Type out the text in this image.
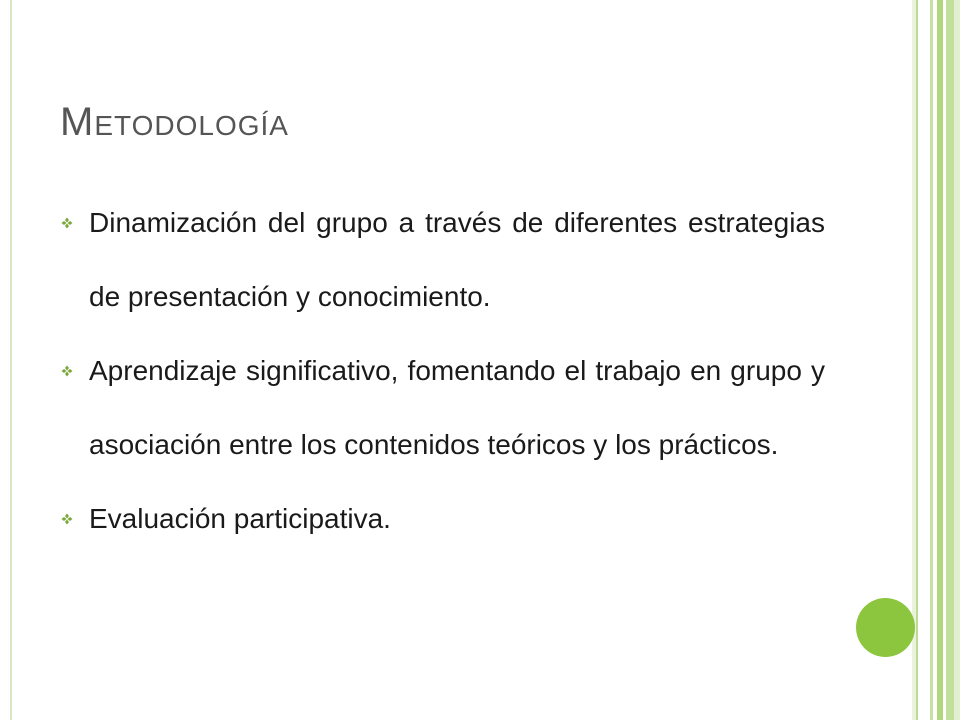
Metodología
Dinamización del grupo a través de diferentes estrategias de presentación y conocimiento.
Aprendizaje significativo, fomentando el trabajo en grupo y asociación entre los contenidos teóricos y los prácticos.
Evaluación participativa.
